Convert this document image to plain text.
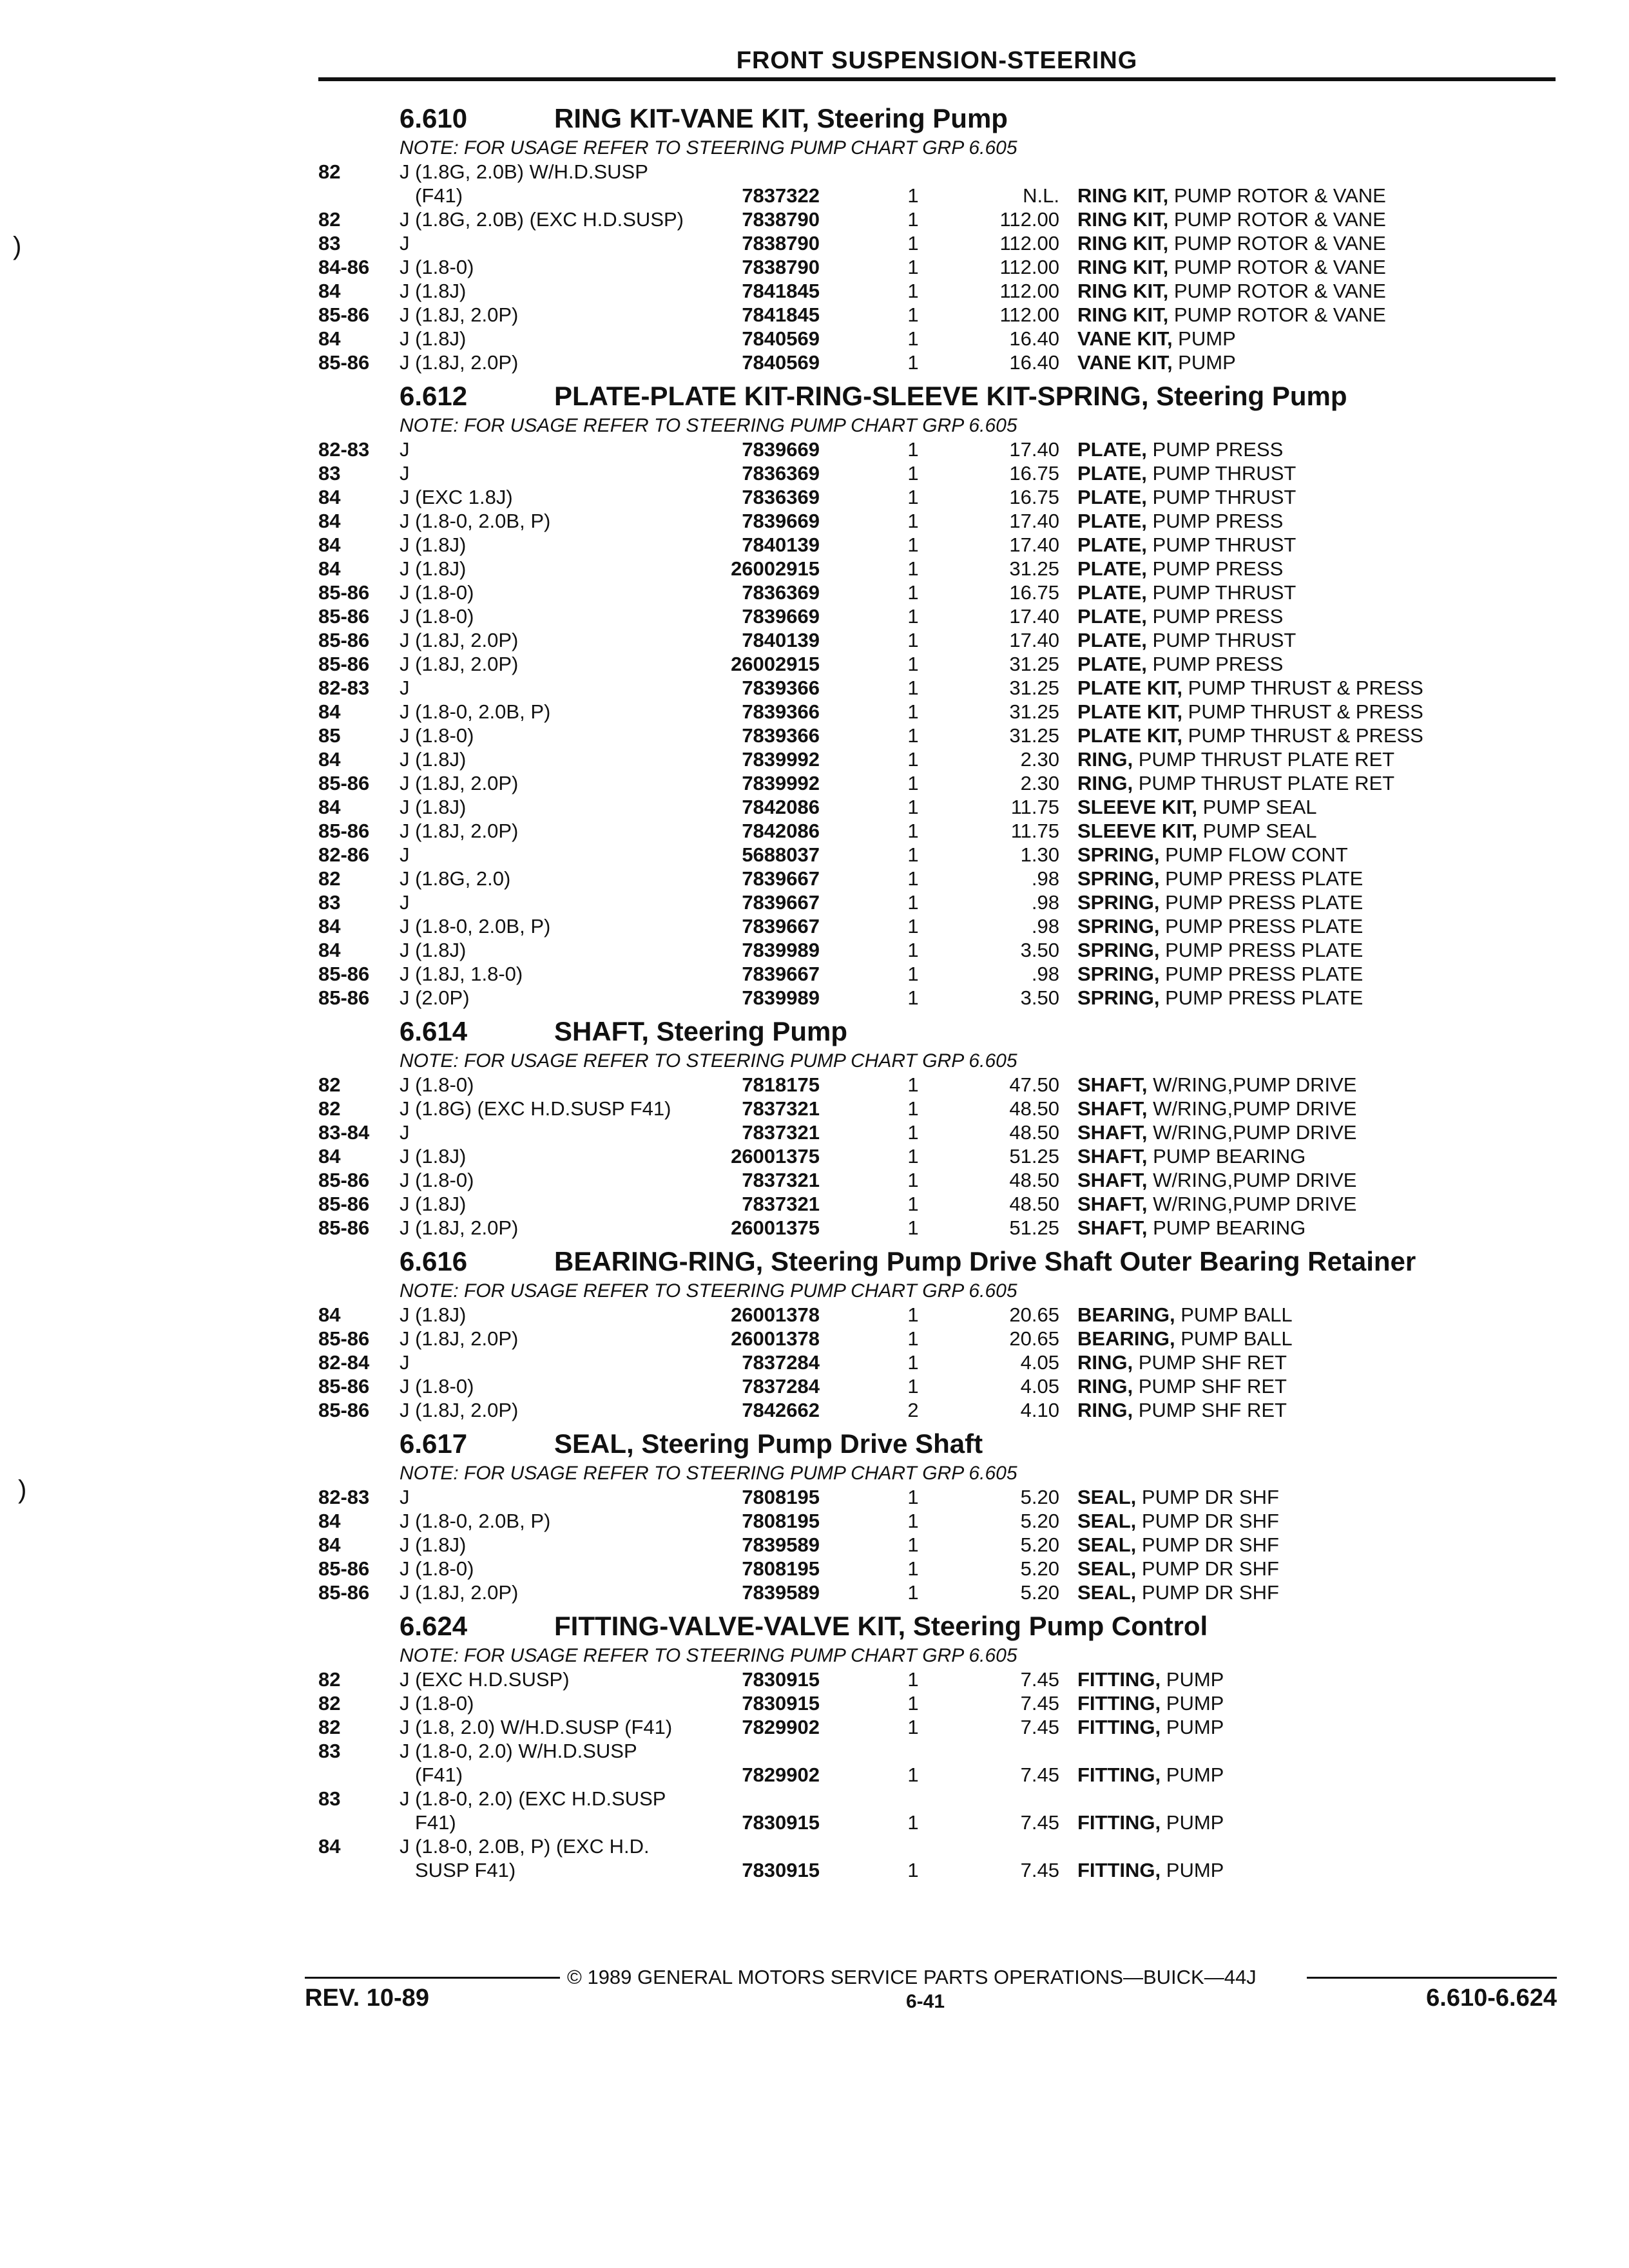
FRONT SUSPENSION-STEERING
)
)
6.610	RING KIT-VANE KIT, Steering Pump
NOTE: FOR USAGE REFER TO STEERING PUMP CHART GRP 6.605
82	J (1.8G, 2.0B) W/H.D.SUSP
(F41)	7837322	1	N.L. RING KIT, PUMP ROTOR & VANE
82	J (1.8G, 2.0B) (EXC H.D.SUSP)	7838790	1	112.00 RING KIT, PUMP ROTOR & VANE
83	J	7838790	1	112.00 RING KIT, PUMP ROTOR & VANE
84-86 J (1.8-0)	7838790	1	112.00 RING KIT, PUMP ROTOR & VANE
84	J (1.8J)	7841845	1	112.00 RING KIT, PUMP ROTOR & VANE
85-86 J (1.8J, 2.0P)	7841845	1	112.00 RING KIT, PUMP ROTOR & VANE
84	J (1.8J)	7840569	1	16.40 VANE KIT, PUMP
85-86 J (1.8J, 2.0P)	7840569	1	16.40 VANE KIT, PUMP
6.612	PLATE-PLATE KIT-RING-SLEEVE KIT-SPRING, Steering Pump
NOTE: FOR USAGE REFER TO STEERING PUMP CHART GRP 6.605
82-83 J	7839669	1	17.40 PLATE, PUMP PRESS
83	J	7836369	1	16.75 PLATE, PUMP THRUST
84	J (EXC 1.8J)	7836369	1	16.75 PLATE, PUMP THRUST
84	J (1.8-0, 2.0B, P)	7839669	1	17.40 PLATE, PUMP PRESS
84	J (1.8J)	7840139	1	17.40 PLATE, PUMP THRUST
84	J (1.8J)	26002915	1	31.25 PLATE, PUMP PRESS
85-86 J (1.8-0)	7836369	1	16.75 PLATE, PUMP THRUST
85-86 J (1.8-0)	7839669	1	17.40 PLATE, PUMP PRESS
85-86 J (1.8J, 2.0P)	7840139	1	17.40 PLATE, PUMP THRUST
85-86 J (1.8J, 2.0P)	26002915	1	31.25 PLATE, PUMP PRESS
82-83 J	7839366	1	31.25 PLATE KIT, PUMP THRUST & PRESS
84	J (1.8-0, 2.0B, P)	7839366	1	31.25 PLATE KIT, PUMP THRUST & PRESS
85	J (1.8-0)	7839366	1	31.25 PLATE KIT, PUMP THRUST & PRESS
84	J (1.8J)	7839992	1	2.30 RING, PUMP THRUST PLATE RET
85-86 J (1.8J, 2.0P)	7839992	1	2.30 RING, PUMP THRUST PLATE RET
84	J (1.8J)	7842086	1	11.75 SLEEVE KIT, PUMP SEAL
85-86 J (1.8J, 2.0P)	7842086	1	11.75 SLEEVE KIT, PUMP SEAL
82-86 J	5688037	1	1.30 SPRING, PUMP FLOW CONT
82	J (1.8G, 2.0)	7839667	1	.98 SPRING, PUMP PRESS PLATE
83	J	7839667	1	.98 SPRING, PUMP PRESS PLATE
84	J (1.8-0, 2.0B, P)	7839667	1	.98 SPRING, PUMP PRESS PLATE
84	J (1.8J)	7839989	1	3.50 SPRING, PUMP PRESS PLATE
85-86 J (1.8J, 1.8-0)	7839667	1	.98 SPRING, PUMP PRESS PLATE
85-86 J (2.0P)	7839989	1	3.50 SPRING, PUMP PRESS PLATE
6.614	SHAFT, Steering Pump
NOTE: FOR USAGE REFER TO STEERING PUMP CHART GRP 6.605
82	J (1.8-0)	7818175	1	47.50 SHAFT, W/RING,PUMP DRIVE
82	J (1.8G) (EXC H.D.SUSP F41)	7837321	1	48.50 SHAFT, W/RING,PUMP DRIVE
83-84 J	7837321	1	48.50 SHAFT, W/RING,PUMP DRIVE
84	J (1.8J)	26001375	1	51.25 SHAFT, PUMP BEARING
85-86 J (1.8-0)	7837321	1	48.50 SHAFT, W/RING,PUMP DRIVE
85-86 J (1.8J)	7837321	1	48.50 SHAFT, W/RING,PUMP DRIVE
85-86 J (1.8J, 2.0P)	26001375	1	51.25 SHAFT, PUMP BEARING
6.616	BEARING-RING, Steering Pump Drive Shaft Outer Bearing Retainer
NOTE: FOR USAGE REFER TO STEERING PUMP CHART GRP 6.605
84	J (1.8J)	26001378	1	20.65 BEARING, PUMP BALL
85-86 J (1.8J, 2.0P)	26001378	1	20.65 BEARING, PUMP BALL
82-84 J	7837284	1	4.05 RING, PUMP SHF RET
85-86 J (1.8-0)	7837284	1	4.05 RING, PUMP SHF RET
85-86 J (1.8J, 2.0P)	7842662	2	4.10 RING, PUMP SHF RET
6.617	SEAL, Steering Pump Drive Shaft
NOTE: FOR USAGE REFER TO STEERING PUMP CHART GRP 6.605
82-83 J	7808195	1	5.20 SEAL, PUMP DR SHF
84	J (1.8-0, 2.0B, P)	7808195	1	5.20 SEAL, PUMP DR SHF
84	J (1.8J)	7839589	1	5.20 SEAL, PUMP DR SHF
85-86 J (1.8-0)	7808195	1	5.20 SEAL, PUMP DR SHF
85-86 J (1.8J, 2.0P)	7839589	1	5.20 SEAL, PUMP DR SHF
6.624	FITTING-VALVE-VALVE KIT, Steering Pump Control
NOTE: FOR USAGE REFER TO STEERING PUMP CHART GRP 6.605
82	J (EXC H.D.SUSP)	7830915	1	7.45 FITTING, PUMP
82	J (1.8-0)	7830915	1	7.45 FITTING, PUMP
82	J (1.8, 2.0) W/H.D.SUSP (F41)	7829902	1	7.45 FITTING, PUMP
83	J (1.8-0, 2.0) W/H.D.SUSP
(F41)	7829902	1	7.45 FITTING, PUMP
83	J (1.8-0, 2.0) (EXC H.D.SUSP
F41)	7830915	1	7.45 FITTING, PUMP
84	J (1.8-0, 2.0B, P) (EXC H.D.
SUSP F41)	7830915	1	7.45 FITTING, PUMP
© 1989 GENERAL MOTORS SERVICE PARTS OPERATIONS—BUICK—44J
REV. 10-89	6-41	6.610-6.624
